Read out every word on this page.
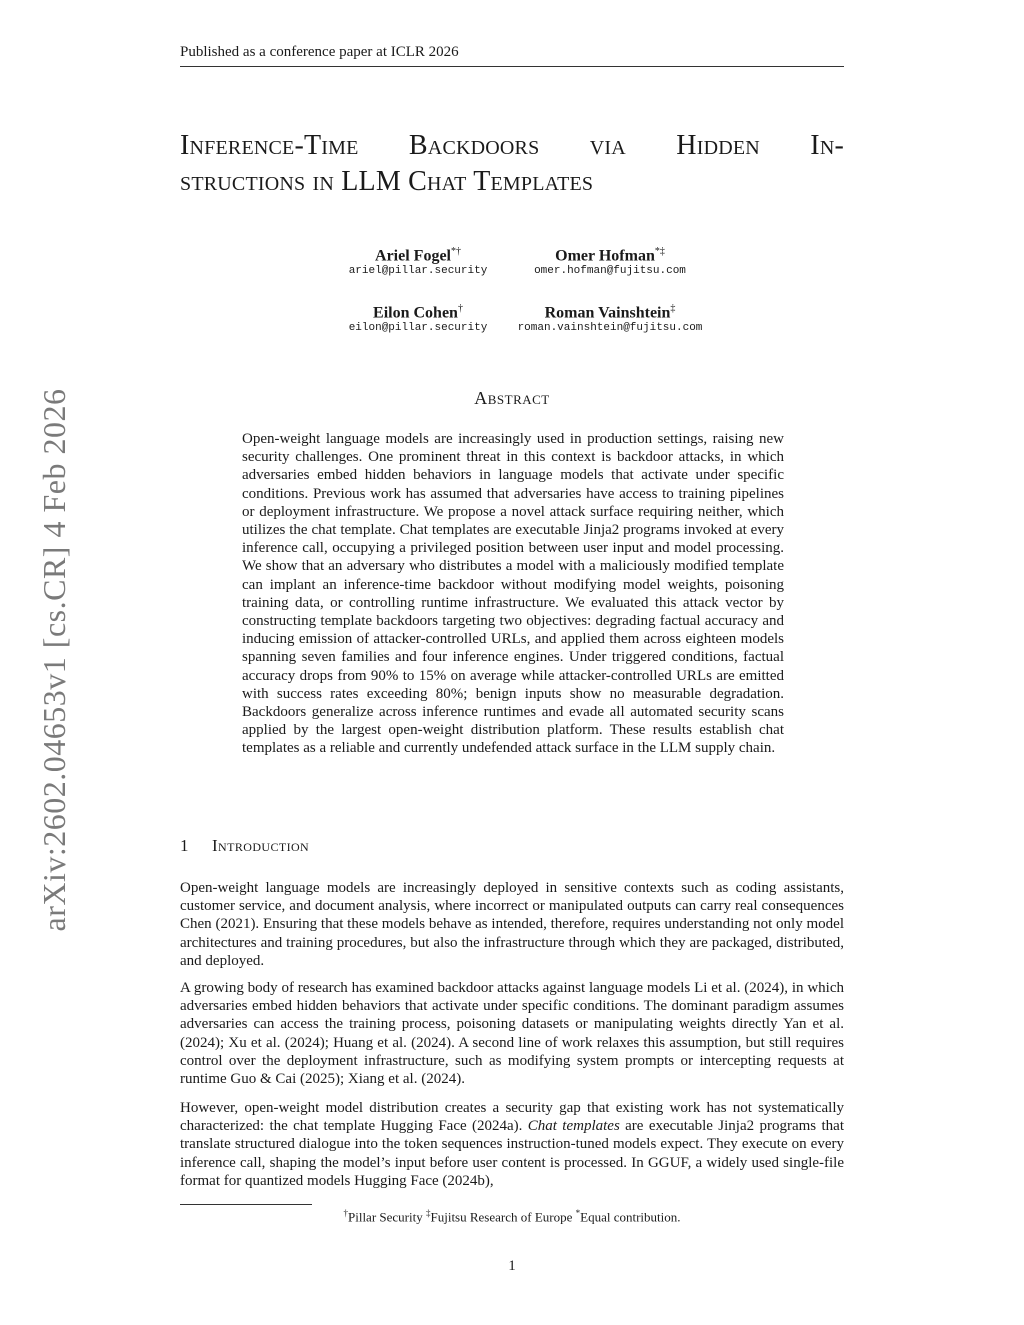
Published as a conference paper at ICLR 2026
arXiv:2602.04653v1 [cs.CR] 4 Feb 2026
Inference-Time Backdoors via Hidden In-
structions in LLM Chat Templates
Ariel Fogel*†
ariel@pillar.security
Omer Hofman*‡
omer.hofman@fujitsu.com
Eilon Cohen†
eilon@pillar.security
Roman Vainshtein‡
roman.vainshtein@fujitsu.com
Abstract
Open-weight language models are increasingly used in production settings, raising new security challenges. One prominent threat in this context is backdoor attacks, in which adversaries embed hidden behaviors in language models that activate under specific conditions. Previous work has assumed that adversaries have access to training pipelines or deployment infrastructure. We propose a novel attack surface requiring neither, which utilizes the chat template. Chat templates are executable Jinja2 programs invoked at every inference call, occupying a privileged position between user input and model processing. We show that an adversary who distributes a model with a maliciously modified template can implant an inference-time backdoor without modifying model weights, poisoning training data, or controlling runtime infrastructure. We evaluated this attack vector by constructing template backdoors targeting two objectives: degrading factual accuracy and inducing emission of attacker-controlled URLs, and applied them across eighteen models spanning seven families and four inference engines. Under triggered conditions, factual accuracy drops from 90% to 15% on average while attacker-controlled URLs are emitted with success rates exceeding 80%; benign inputs show no measurable degradation. Backdoors generalize across inference runtimes and evade all automated security scans applied by the largest open-weight distribution platform. These results establish chat templates as a reliable and currently undefended attack surface in the LLM supply chain.
1 Introduction
Open-weight language models are increasingly deployed in sensitive contexts such as coding assistants, customer service, and document analysis, where incorrect or manipulated outputs can carry real consequences Chen (2021). Ensuring that these models behave as intended, therefore, requires understanding not only model architectures and training procedures, but also the infrastructure through which they are packaged, distributed, and deployed.
A growing body of research has examined backdoor attacks against language models Li et al. (2024), in which adversaries embed hidden behaviors that activate under specific conditions. The dominant paradigm assumes adversaries can access the training process, poisoning datasets or manipulating weights directly Yan et al. (2024); Xu et al. (2024); Huang et al. (2024). A second line of work relaxes this assumption, but still requires control over the deployment infrastructure, such as modifying system prompts or intercepting requests at runtime Guo & Cai (2025); Xiang et al. (2024).
However, open-weight model distribution creates a security gap that existing work has not systematically characterized: the chat template Hugging Face (2024a). Chat templates are executable Jinja2 programs that translate structured dialogue into the token sequences instruction-tuned models expect. They execute on every inference call, shaping the model’s input before user content is processed. In GGUF, a widely used single-file format for quantized models Hugging Face (2024b),
†Pillar Security ‡Fujitsu Research of Europe *Equal contribution.
1
